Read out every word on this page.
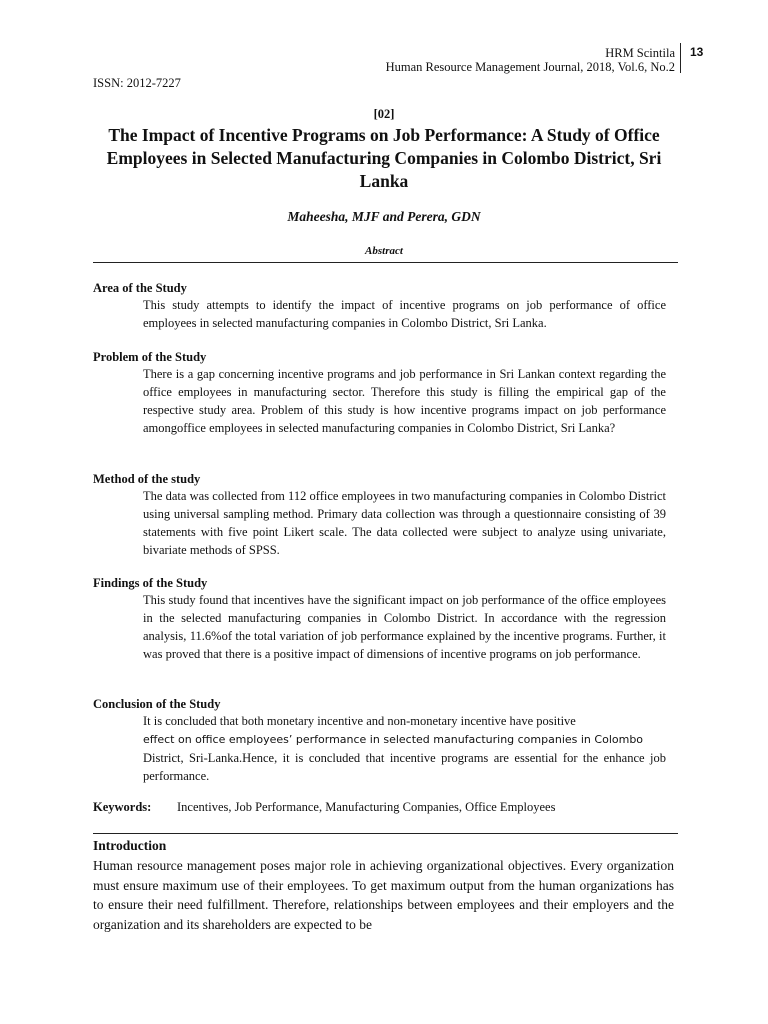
HRM Scintila
Human Resource Management Journal, 2018, Vol.6, No.2
13
ISSN: 2012-7227
[02]
The Impact of Incentive Programs on Job Performance: A Study of Office Employees in Selected Manufacturing Companies in Colombo District, Sri Lanka
Maheesha, MJF and Perera, GDN
Abstract
Area of the Study

This study attempts to identify the impact of incentive programs on job performance of office employees in selected manufacturing companies in Colombo District, Sri Lanka.

Problem of the Study

There is a gap concerning incentive programs and job performance in Sri Lankan context regarding the office employees in manufacturing sector. Therefore this study is filling the empirical gap of the respective study area. Problem of this study is how incentive programs impact on job performance amongoffice employees in selected manufacturing companies in Colombo District, Sri Lanka?

Method of the study

The data was collected from 112 office employees in two manufacturing companies in Colombo District using universal sampling method. Primary data collection was through a questionnaire consisting of 39 statements with five point Likert scale. The data collected were subject to analyze using univariate, bivariate methods of SPSS.

Findings of the Study

This study found that incentives have the significant impact on job performance of the office employees in the selected manufacturing companies in Colombo District. In accordance with the regression analysis, 11.6%of the total variation of job performance explained by the incentive programs. Further, it was proved that there is a positive impact of dimensions of incentive programs on job performance.

Conclusion of the Study

It is concluded that both monetary incentive and non-monetary incentive have positive
effect on office employees’ performance in selected manufacturing companies in Colombo
District, Sri-Lanka.Hence, it is concluded that incentive programs are essential for the enhance job performance.

Keywords: Incentives, Job Performance, Manufacturing Companies, Office Employees
Introduction

Human resource management poses major role in achieving organizational objectives. Every organization must ensure maximum use of their employees. To get maximum output from the human organizations has to ensure their need fulfillment. Therefore, relationships between employees and their employers and the organization and its shareholders are expected to be
